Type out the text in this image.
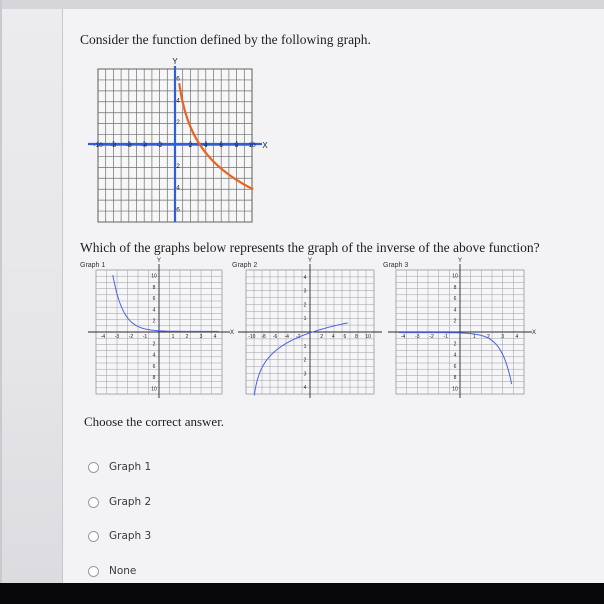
Consider the function defined by the following graph.
Y
X
-10 -8 -6 -4 -2	2 4 6 8 10
6
4
2
2
4
6
Which of the graphs below represents the graph of the inverse of the above function?
Graph 1	Graph 2	Graph 3
Y
X
-4 -3 -2 -1	1 2 3 4
10
8
6
4
2
2
4
6
8
10
Y
-10 -8 -6 -4 -2	2 4 6 8 10
4
3
2
1
1
2
3
4
Y
X
-4 -3 -2 -1	1 2 3 4
10
8
6
4
2
2
4
6
8
10
Choose the correct answer.
Graph 1
Graph 2
Graph 3
None
